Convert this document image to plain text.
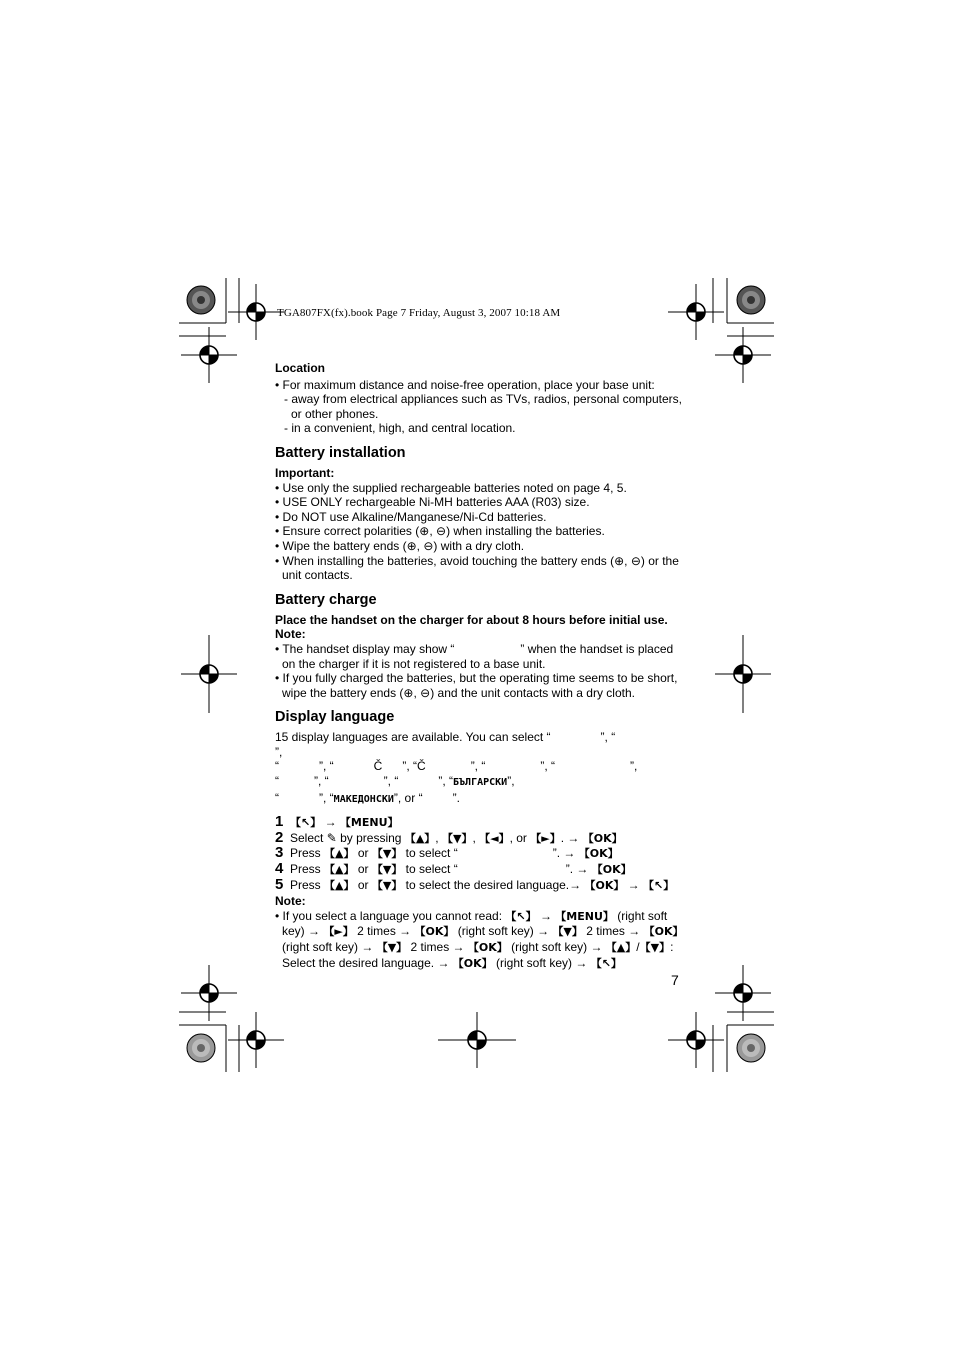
TGA807FX(fx).book Page 7 Friday, August 3, 2007 10:18 AM

Location

• For maximum distance and noise-free operation, place your base unit:
- away from electrical appliances such as TVs, radios, personal computers, or other phones.
- in a convenient, high, and central location.
Battery installation

Important:

• Use only the supplied rechargeable batteries noted on page 4, 5.
• USE ONLY rechargeable Ni-MH batteries AAA (R03) size.
• Do NOT use Alkaline/Manganese/Ni-Cd batteries.
• Ensure correct polarities (⊕, ⊖) when installing the batteries.
• Wipe the battery ends (⊕, ⊖) with a dry cloth.
• When installing the batteries, avoid touching the battery ends (⊕, ⊖) or the unit contacts.
Battery charge

Place the handset on the charger for about 8 hours before initial use.

Note:

• The handset display may show “	” when the handset is placed on the charger if it is not registered to a base unit.
• If you fully charged the batteries, but the operating time seems to be short, wipe the battery ends (⊕, ⊖) and the unit contacts with a dry cloth.
Display language
15 display languages are available. You can select “	”, “”,
“	”, “	Č ”, “Č	”, “	”, “	”,
“	”, “	”, “	”, “БЪЛГАРСКИ”,
“	”, “МАКЕДОНСКИ”, or “	”.
1 【↖】 → 【MENU】
2 Select ✎ by pressing 【▲】, 【▼】, 【◄】, or 【►】. → 【OK】
3 Press 【▲】 or 【▼】 to select “	”. → 【OK】
4 Press 【▲】 or 【▼】 to select “	”. → 【OK】
5 Press 【▲】 or 【▼】 to select the desired language.→ 【OK】 → 【↖】

Note:

• If you select a language you cannot read: 【↖】 → 【MENU】 (right soft key) → 【►】 2 times → 【OK】 (right soft key) → 【▼】 2 times → 【OK】 (right soft key) → 【▼】 2 times → 【OK】 (right soft key) → 【▲】/【▼】: Select the desired language. → 【OK】 (right soft key) → 【↖】
7
